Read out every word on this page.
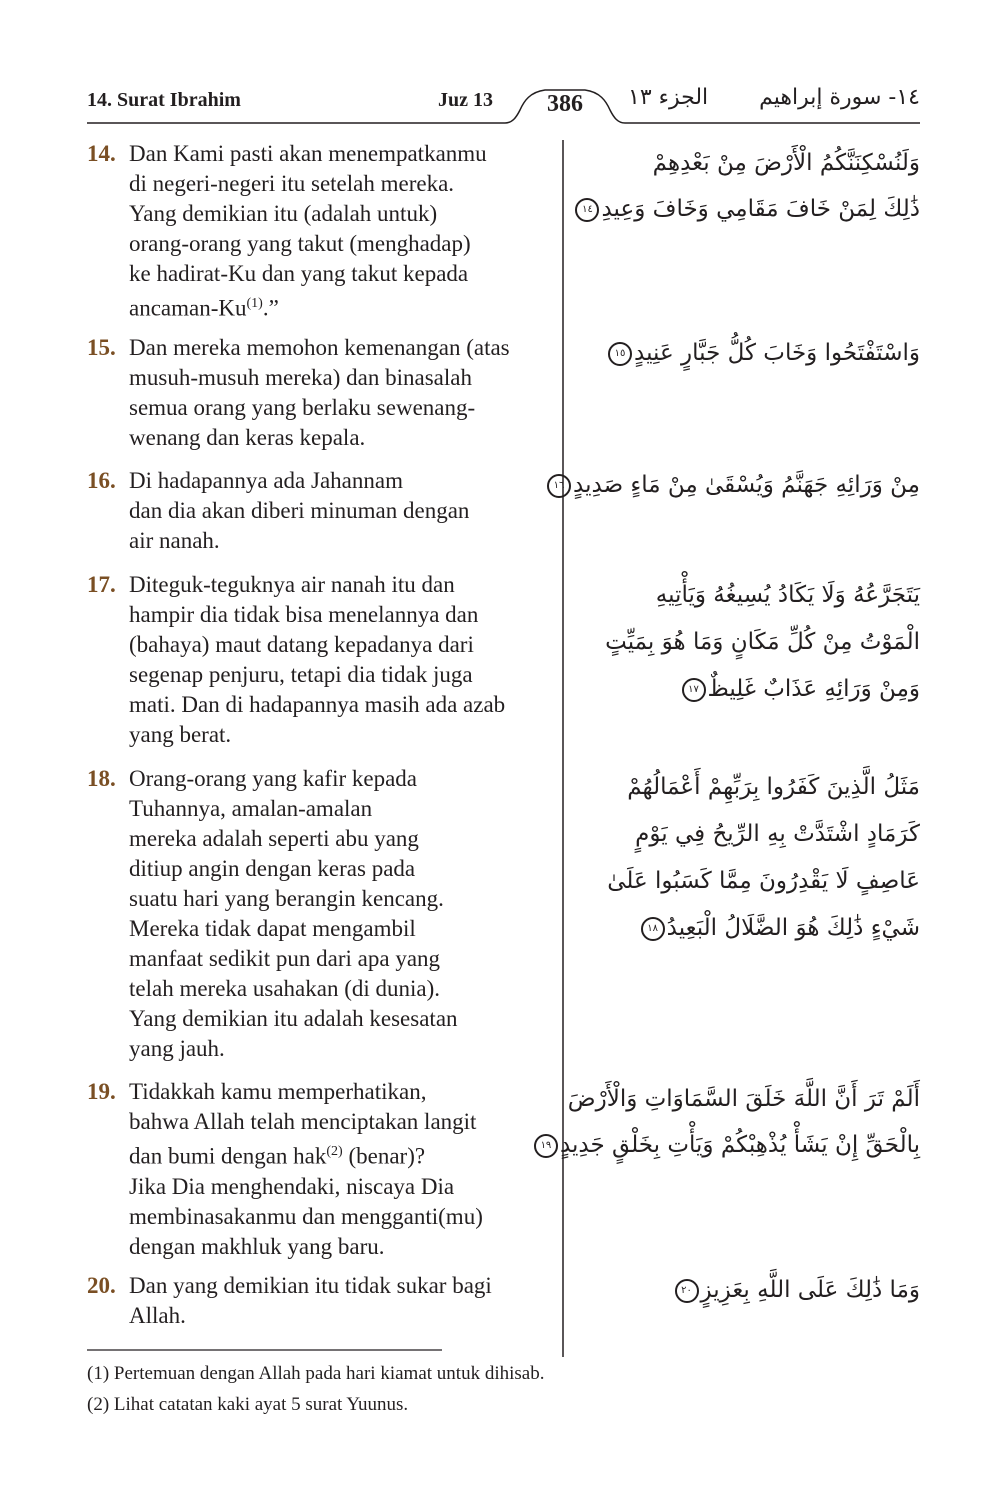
14. Surat Ibrahim	Juz 13	386	الجزء ١٣ ١٤- سورة إبراهيم
14. Dan Kami pasti akan menempatkanmu
di negeri-negeri itu setelah mereka.
Yang demikian itu (adalah untuk)
orang-orang yang takut (menghadap)
ke hadirat-Ku dan yang takut kepada
ancaman-Ku$^{(1)}$.”
وَلَنُسْكِنَنَّكُمُ الْأَرْضَ مِنْ بَعْدِهِمْ
ذَٰلِكَ لِمَنْ خَافَ مَقَامِي وَخَافَ وَعِيدِ١٤
15. Dan mereka memohon kemenangan (atas
musuh-musuh mereka) dan binasalah
semua orang yang berlaku sewenang-
wenang dan keras kepala.
وَاسْتَفْتَحُوا وَخَابَ كُلُّ جَبَّارٍ عَنِيدٍ١٥
16. Di hadapannya ada Jahannam
dan dia akan diberi minuman dengan
air nanah.
مِنْ وَرَائِهِ جَهَنَّمُ وَيُسْقَىٰ مِنْ مَاءٍ صَدِيدٍ١٦
17. Diteguk-teguknya air nanah itu dan
hampir dia tidak bisa menelannya dan
(bahaya) maut datang kepadanya dari
segenap penjuru, tetapi dia tidak juga
mati. Dan di hadapannya masih ada azab
yang berat.
يَتَجَرَّعُهُ وَلَا يَكَادُ يُسِيغُهُ وَيَأْتِيهِ
الْمَوْتُ مِنْ كُلِّ مَكَانٍ وَمَا هُوَ بِمَيِّتٍ
وَمِنْ وَرَائِهِ عَذَابٌ غَلِيظٌ١٧
18. Orang-orang yang kafir kepada
Tuhannya, amalan-amalan
mereka adalah seperti abu yang
ditiup angin dengan keras pada
suatu hari yang berangin kencang.
Mereka tidak dapat mengambil
manfaat sedikit pun dari apa yang
telah mereka usahakan (di dunia).
Yang demikian itu adalah kesesatan
yang jauh.
مَثَلُ الَّذِينَ كَفَرُوا بِرَبِّهِمْ أَعْمَالُهُمْ
كَرَمَادٍ اشْتَدَّتْ بِهِ الرِّيحُ فِي يَوْمٍ
عَاصِفٍ لَا يَقْدِرُونَ مِمَّا كَسَبُوا عَلَىٰ
شَيْءٍ ذَٰلِكَ هُوَ الضَّلَالُ الْبَعِيدُ١٨
19. Tidakkah kamu memperhatikan,
bahwa Allah telah menciptakan langit
dan bumi dengan hak$^{(2)}$ (benar)?
Jika Dia menghendaki, niscaya Dia
membinasakanmu dan mengganti(mu)
dengan makhluk yang baru.
أَلَمْ تَرَ أَنَّ اللَّهَ خَلَقَ السَّمَاوَاتِ وَالْأَرْضَ
بِالْحَقِّ إِنْ يَشَأْ يُذْهِبْكُمْ وَيَأْتِ بِخَلْقٍ جَدِيدٍ١٩
20. Dan yang demikian itu tidak sukar bagi
Allah.
وَمَا ذَٰلِكَ عَلَى اللَّهِ بِعَزِيزٍ٢٠
(1) Pertemuan dengan Allah pada hari kiamat untuk dihisab.
(2) Lihat catatan kaki ayat 5 surat Yuunus.
